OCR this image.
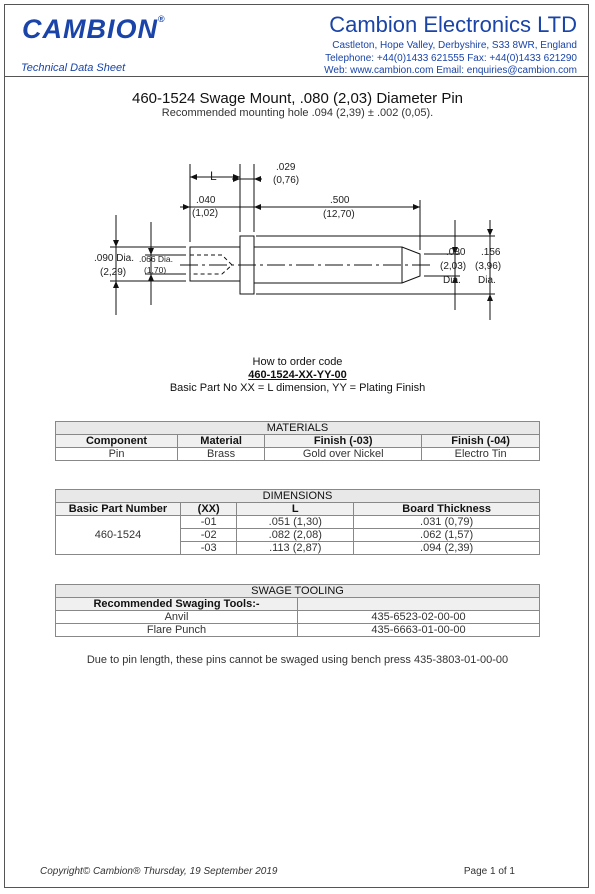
CAMBION®
Technical Data Sheet
Cambion Electronics LTD
Castleton, Hope Valley, Derbyshire, S33 8WR, England
Telephone: +44(0)1433 621555 Fax: +44(0)1433 621290
Web: www.cambion.com Email: enquiries@cambion.com
460-1524 Swage Mount, .080 (2,03) Diameter Pin
Recommended mounting hole .094 (2,39) ± .002 (0,05).
L
.029
(0,76)
.040
(1,02)
.500
(12,70)
.090 Dia.
(2,29)
.066 Dia.
(1,70)
.080
(2,03)
Dia.
.156
(3,96)
Dia.
How to order code
460-1524-XX-YY-00
Basic Part No XX = L dimension, YY = Plating Finish
MATERIALS			
Component	Material	Finish (-03)	Finish (-04)
Pin	Brass	Gold over Nickel	Electro Tin
DIMENSIONS			
Basic Part Number	(XX)	L	Board Thickness
460-1524	-01	.051 (1,30)	.031 (0,79)
	-02	.082 (2,08)	.062 (1,57)
	-03	.113 (2,87)	.094 (2,39)
SWAGE TOOLING	
Recommended Swaging Tools:-	
Anvil	435-6523-02-00-00
Flare Punch	435-6663-01-00-00
Due to pin length, these pins cannot be swaged using bench press 435-3803-01-00-00
Copyright© Cambion® Thursday, 19 September 2019	Page 1 of 1
